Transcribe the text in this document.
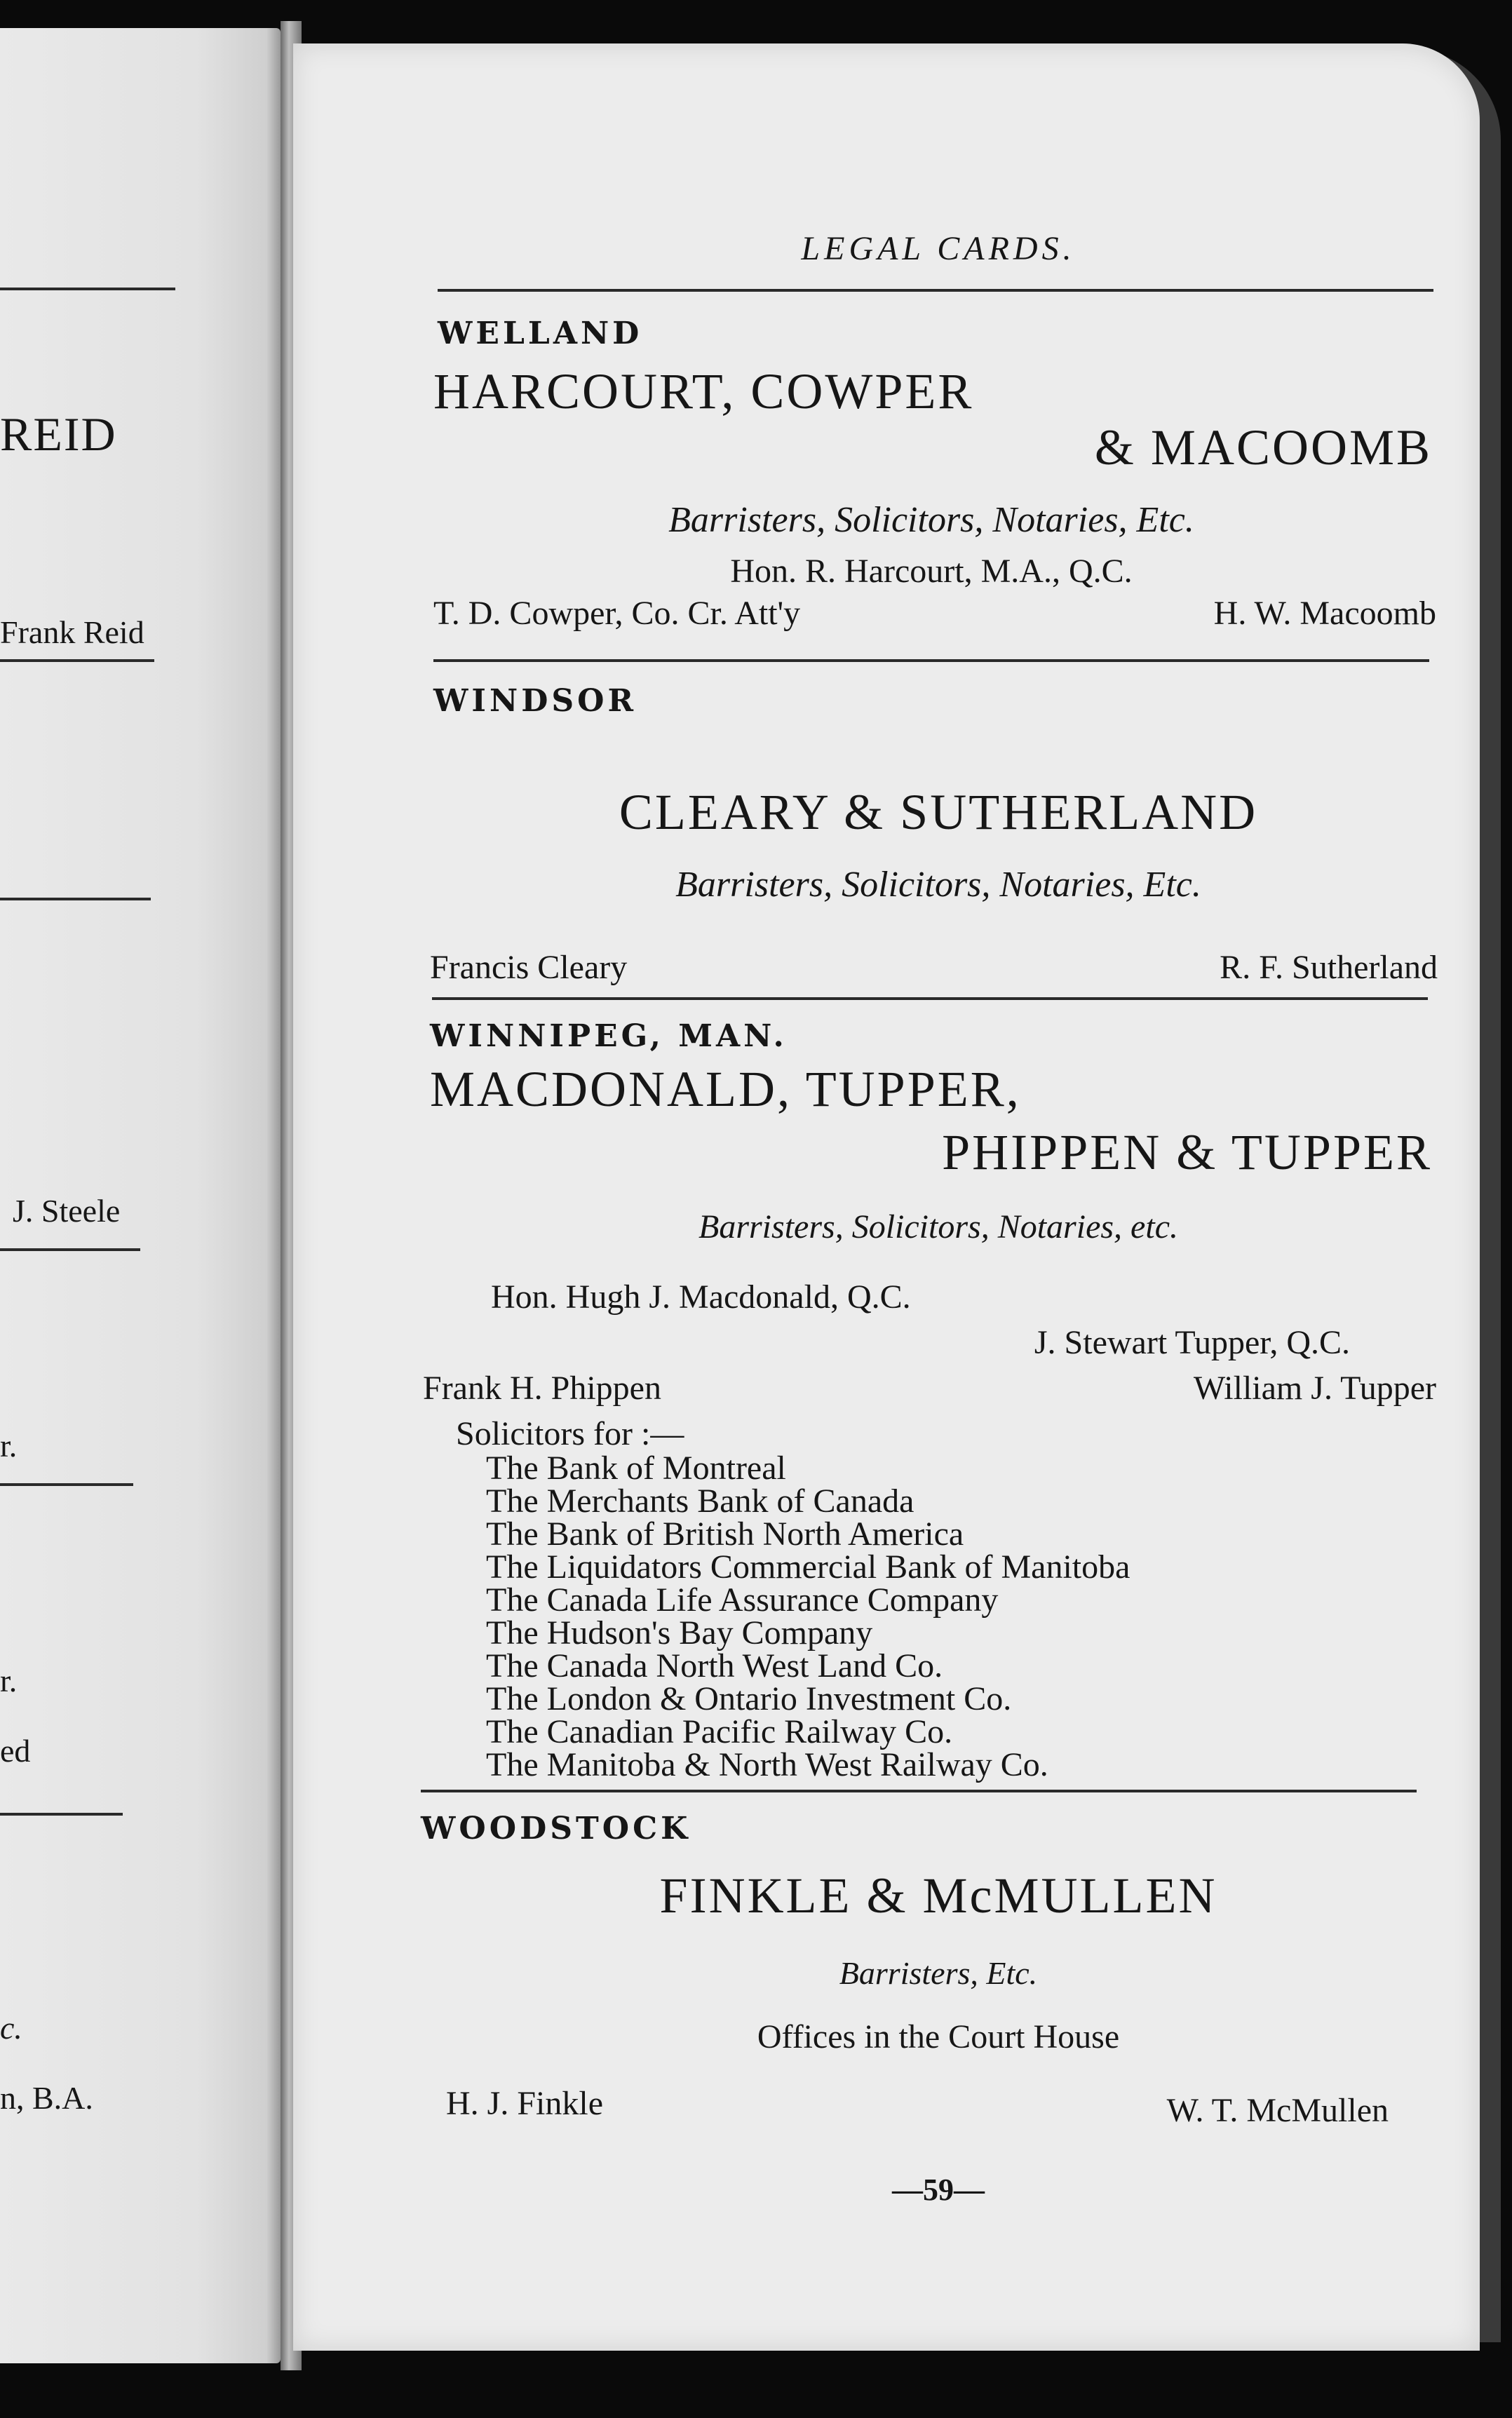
REID
Frank Reid
J. Steele
r.
r.
ed
c.
n, B.A.
LEGAL CARDS.
WELLAND
HARCOURT, COWPER
& MACOOMB
Barristers, Solicitors, Notaries, Etc.
Hon. R. Harcourt, M.A., Q.C.
T. D. Cowper, Co. Cr. Att'y	H. W. Macoomb
WINDSOR
CLEARY & SUTHERLAND
Barristers, Solicitors, Notaries, Etc.
Francis Cleary	R. F. Sutherland
WINNIPEG, MAN.
MACDONALD, TUPPER,
PHIPPEN & TUPPER
Barristers, Solicitors, Notaries, etc.
Hon. Hugh J. Macdonald, Q.C.
J. Stewart Tupper, Q.C.
Frank H. Phippen	William J. Tupper
Solicitors for :—
The Bank of Montreal
The Merchants Bank of Canada
The Bank of British North America
The Liquidators Commercial Bank of Manitoba
The Canada Life Assurance Company
The Hudson's Bay Company
The Canada North West Land Co.
The London & Ontario Investment Co.
The Canadian Pacific Railway Co.
The Manitoba & North West Railway Co.
WOODSTOCK
FINKLE & McMULLEN
Barristers, Etc.
Offices in the Court House
H. J. Finkle	W. T. McMullen
—59—
